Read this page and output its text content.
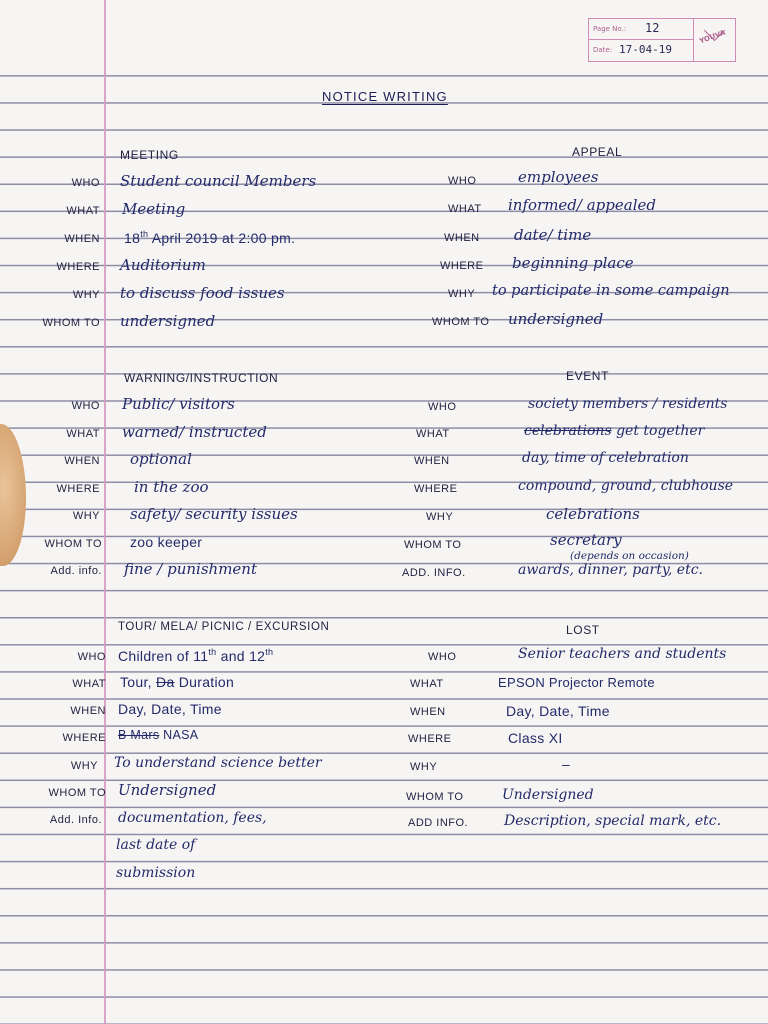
Page No.: 12
Date: 17-04-19
YOUVA
NOTICE WRITING
MEETING
WHO Student council Members
WHAT Meeting
WHEN 18th April 2019 at 2:00 pm.
WHERE Auditorium
WHY to discuss food issues
WHOM TO undersigned
APPEAL
WHO	employees
WHAT informed/ appealed
WHEN date/ time
WHERE beginning place
WHY to participate in some campaign
WHOM TO undersigned
WARNING/INSTRUCTION
WHO Public/ visitors
WHAT warned/ instructed
WHEN optional
WHERE in the zoo
WHY safety/ security issues
WHOM TO zoo keeper
Add. info. fine / punishment
EVENT
WHO	society members / residents
WHAT	celebrations get together
WHEN	day, time of celebration
WHERE	compound, ground, clubhouse
WHY	celebrations
WHOM TO	secretary
(depends on occasion)
ADD. INFO.	awards, dinner, party, etc.
TOUR/ MELA/ PICNIC / EXCURSION
WHO Children of 11th and 12th
WHAT Tour, Da Duration
WHEN Day, Date, Time
WHERE B Mars NASA
WHY To understand science better
WHOM TO Undersigned
Add. Info. documentation, fees,
last date of
submission
LOST
WHO	Senior teachers and students
WHAT	EPSON Projector Remote
WHEN	Day, Date, Time
WHERE	Class XI
WHY	–
WHOM TO	Undersigned
ADD INFO.	Description, special mark, etc.
